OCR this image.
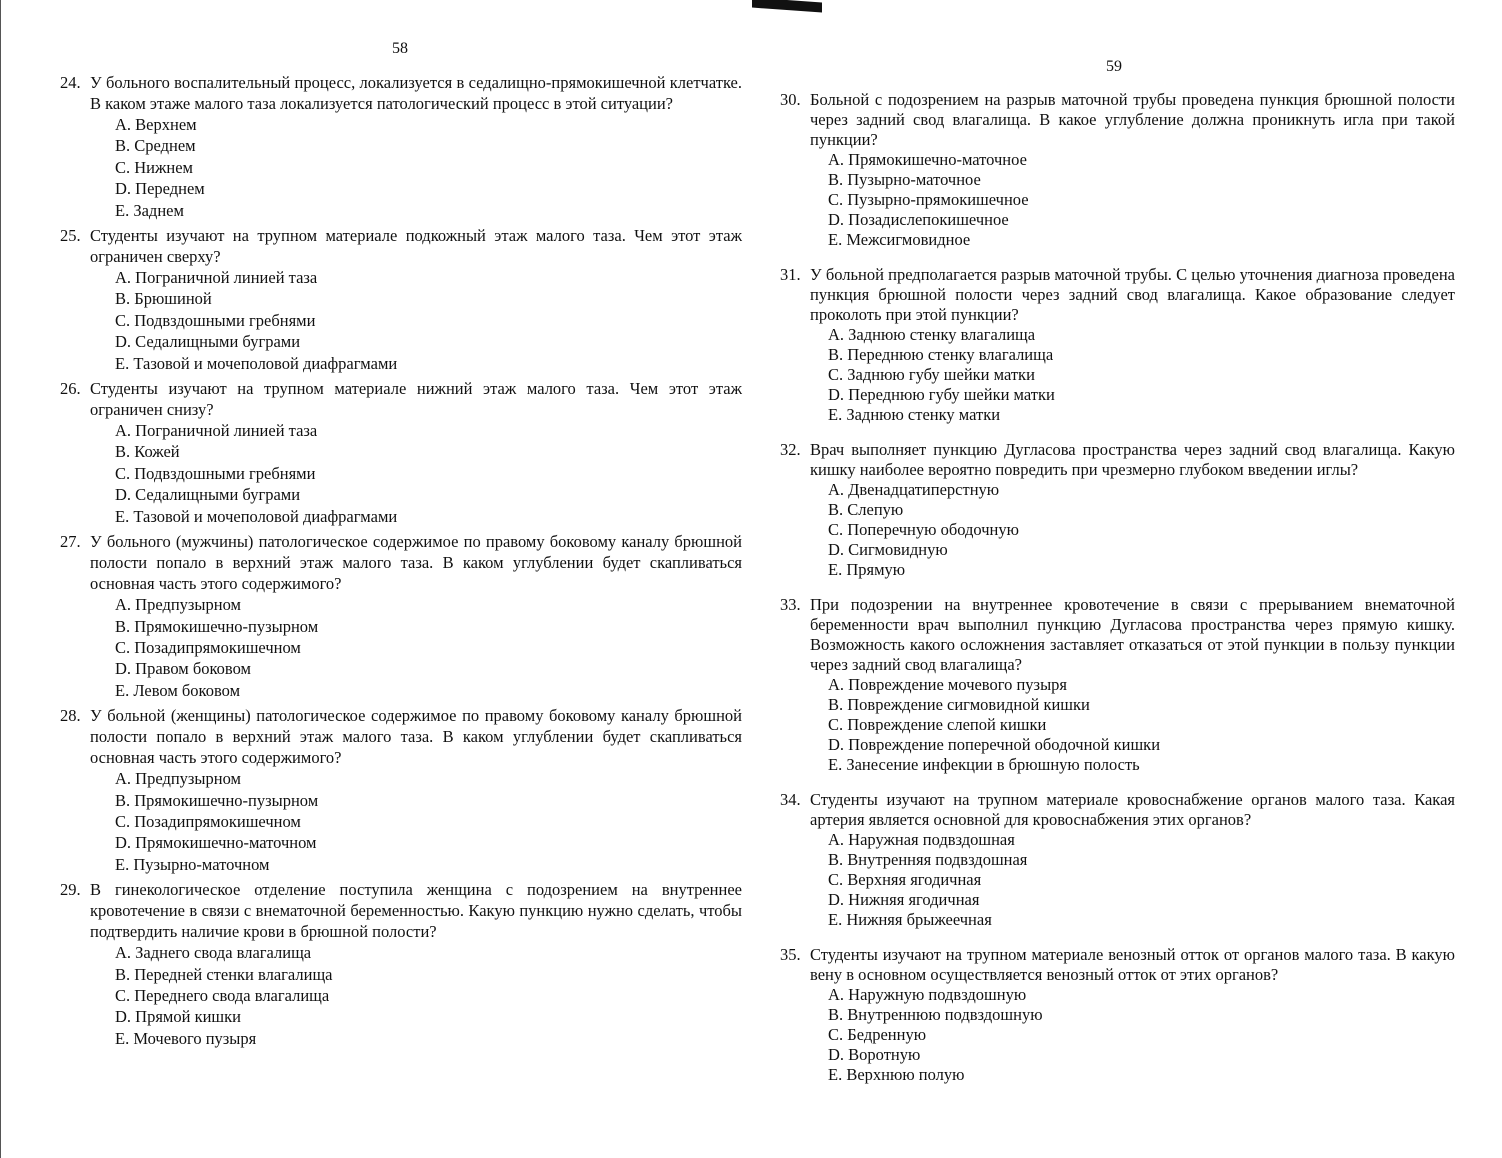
58

24. У больного воспалительный процесс, локализуется в седалищно-прямокишечной клетчатке. В каком этаже малого таза локализуется патологический процесс в этой ситуации?

A. Верхнем
B. Среднем
C. Нижнем
D. Переднем
E. Заднем

25. Студенты изучают на трупном материале подкожный этаж малого таза. Чем этот этаж ограничен сверху?

A. Пограничной линией таза
B. Брюшиной
C. Подвздошными гребнями
D. Седалищными буграми
E. Тазовой и мочеполовой диафрагмами

26. Студенты изучают на трупном материале нижний этаж малого таза. Чем этот этаж ограничен снизу?

A. Пограничной линией таза
B. Кожей
C. Подвздошными гребнями
D. Седалищными буграми
E. Тазовой и мочеполовой диафрагмами

27. У больного (мужчины) патологическое содержимое по правому боковому каналу брюшной полости попало в верхний этаж малого таза. В каком углублении будет скапливаться основная часть этого содержимого?

A. Предпузырном
B. Прямокишечно-пузырном
C. Позадипрямокишечном
D. Правом боковом
E. Левом боковом

28. У больной (женщины) патологическое содержимое по правому боковому каналу брюшной полости попало в верхний этаж малого таза. В каком углублении будет скапливаться основная часть этого содержимого?

A. Предпузырном
B. Прямокишечно-пузырном
C. Позадипрямокишечном
D. Прямокишечно-маточном
E. Пузырно-маточном

29. В гинекологическое отделение поступила женщина с подозрением на внутреннее кровотечение в связи с внематочной беременностью. Какую пункцию нужно сделать, чтобы подтвердить наличие крови в брюшной полости?

A. Заднего свода влагалища
B. Передней стенки влагалища
C. Переднего свода влагалища
D. Прямой кишки
E. Мочевого пузыря
59

30. Больной с подозрением на разрыв маточной трубы проведена пункция брюшной полости через задний свод влагалища. В какое углубление должна проникнуть игла при такой пункции?

A. Прямокишечно-маточное
B. Пузырно-маточное
C. Пузырно-прямокишечное
D. Позадислепокишечное
E. Межсигмовидное

31. У больной предполагается разрыв маточной трубы. С целью уточнения диагноза проведена пункция брюшной полости через задний свод влагалища. Какое образование следует проколоть при этой пункции?

A. Заднюю стенку влагалища
B. Переднюю стенку влагалища
C. Заднюю губу шейки матки
D. Переднюю губу шейки матки
E. Заднюю стенку матки

32. Врач выполняет пункцию Дугласова пространства через задний свод влагалища. Какую кишку наиболее вероятно повредить при чрезмерно глубоком введении иглы?

A. Двенадцатиперстную
B. Слепую
C. Поперечную ободочную
D. Сигмовидную
E. Прямую

33. При подозрении на внутреннее кровотечение в связи с прерыванием внематочной беременности врач выполнил пункцию Дугласова пространства через прямую кишку. Возможность какого осложнения заставляет отказаться от этой пункции в пользу пункции через задний свод влагалища?

A. Повреждение мочевого пузыря
B. Повреждение сигмовидной кишки
C. Повреждение слепой кишки
D. Повреждение поперечной ободочной кишки
E. Занесение инфекции в брюшную полость

34. Студенты изучают на трупном материале кровоснабжение органов малого таза. Какая артерия является основной для кровоснабжения этих органов?

A. Наружная подвздошная
B. Внутренняя подвздошная
C. Верхняя ягодичная
D. Нижняя ягодичная
E. Нижняя брыжеечная

35. Студенты изучают на трупном материале венозный отток от органов малого таза. В какую вену в основном осуществляется венозный отток от этих органов?

A. Наружную подвздошную
B. Внутреннюю подвздошную
C. Бедренную
D. Воротную
E. Верхнюю полую
